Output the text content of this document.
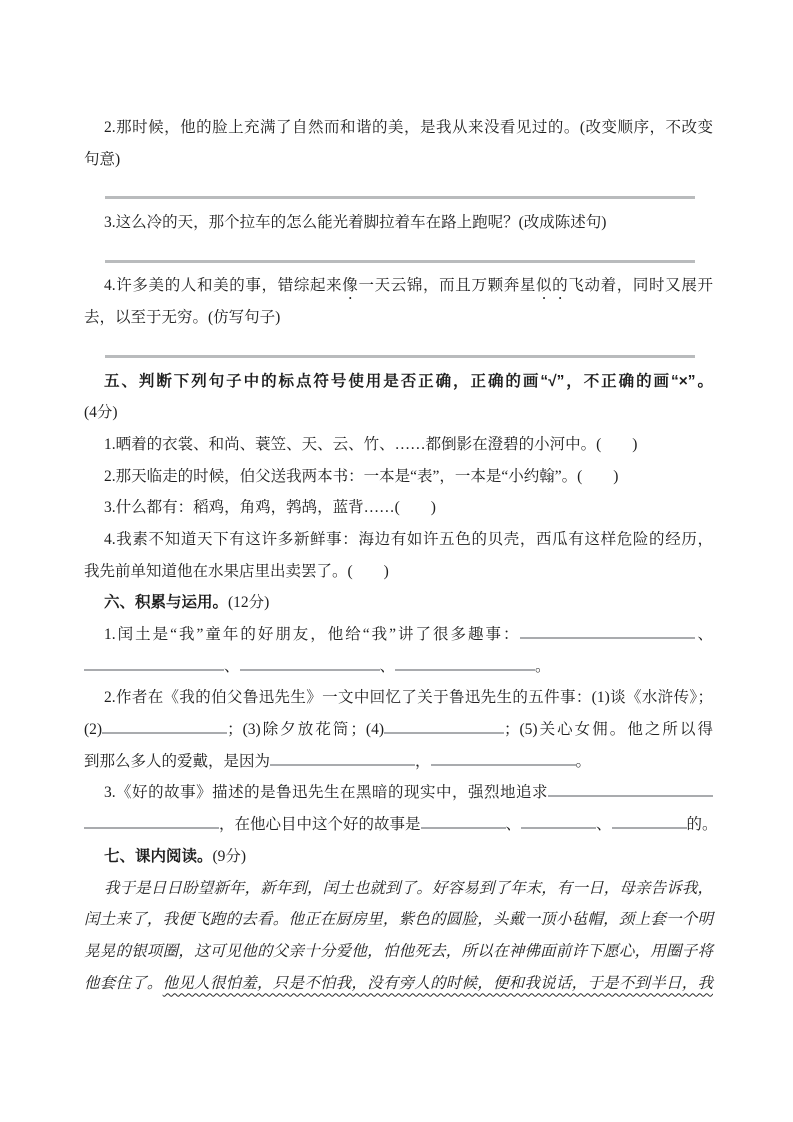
2.那时候，他的脸上充满了自然而和谐的美，是我从来没看见过的。(改变顺序，不改变
句意)
3.这么冷的天，那个拉车的怎么能光着脚拉着车在路上跑呢？(改成陈述句)
4.许多美的人和美的事，错综起来像一天云锦，而且万颗奔星似的飞动着，同时又展开
去，以至于无穷。(仿写句子)
五、判断下列句子中的标点符号使用是否正确，正确的画“√”，不正确的画“×”。
(4分)
1.晒着的衣裳、和尚、蓑笠、天、云、竹、……都倒影在澄碧的小河中。(　　)
2.那天临走的时候，伯父送我两本书：一本是“表”，一本是“小约翰”。(　　)
3.什么都有：稻鸡，角鸡，鹁鸪，蓝背……(　　)
4.我素不知道天下有这许多新鲜事：海边有如许五色的贝壳，西瓜有这样危险的经历，
我先前单知道他在水果店里出卖罢了。(　　)
六、积累与运用。(12分)
1.闰土是“我”童年的好朋友，他给“我”讲了很多趣事：	、
、	、	。
2.作者在《我的伯父鲁迅先生》一文中回忆了关于鲁迅先生的五件事：(1)谈《水浒传》；
(2)	；(3)除夕放花筒；(4)	；(5)关心女佣。他之所以得
到那么多人的爱戴，是因为	，	。
3.《好的故事》描述的是鲁迅先生在黑暗的现实中，强烈地追求
，在他心目中这个好的故事是	、	、	的。
七、课内阅读。(9分)
我于是日日盼望新年，新年到，闰土也就到了。好容易到了年末，有一日，母亲告诉我，
闰土来了，我便飞跑的去看。他正在厨房里，紫色的圆脸，头戴一顶小毡帽，颈上套一个明
晃晃的银项圈，这可见他的父亲十分爱他，怕他死去，所以在神佛面前许下愿心，用圈子将
他套住了。他见人很怕羞，只是不怕我，没有旁人的时候，便和我说话，于是不到半日，我
